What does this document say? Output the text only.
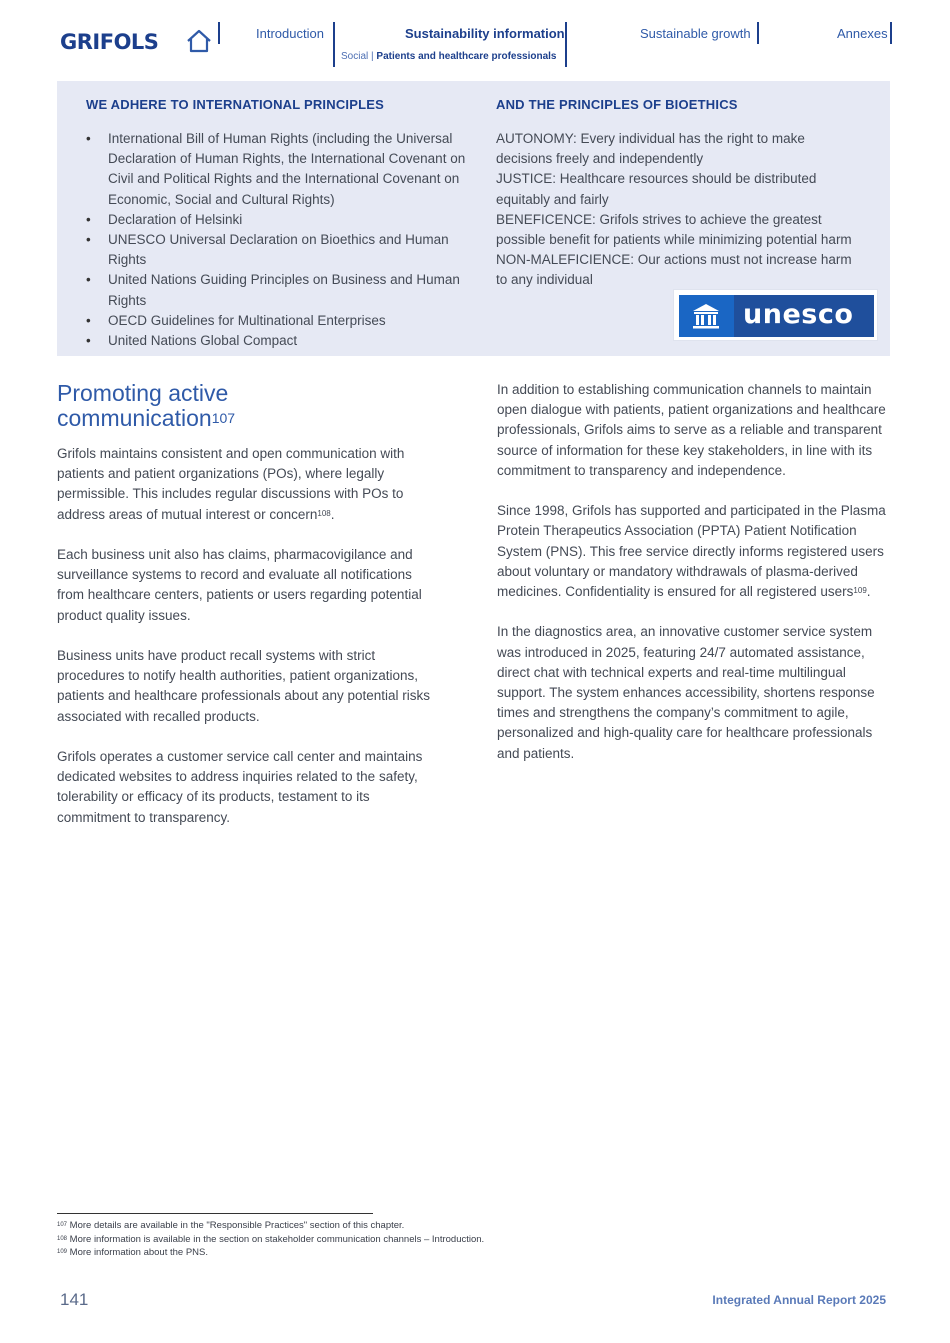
GRIFOLS	Introduction	Sustainability information
Social | Patients and healthcare professionals
Sustainable growth	Annexes
WE ADHERE TO INTERNATIONAL PRINCIPLES	AND THE PRINCIPLES OF BIOETHICS
• International Bill of Human Rights (including the Universal Declaration of Human Rights, the International Covenant on Civil and Political Rights and the International Covenant on Economic, Social and Cultural Rights)
• Declaration of Helsinki
• UNESCO Universal Declaration on Bioethics and Human Rights
• United Nations Guiding Principles on Business and Human Rights
• OECD Guidelines for Multinational Enterprises
• United Nations Global Compact
AUTONOMY: Every individual has the right to make decisions freely and independently
JUSTICE: Healthcare resources should be distributed equitably and fairly
BENEFICENCE: Grifols strives to achieve the greatest possible benefit for patients while minimizing potential harm
NON-MALEFICIENCE: Our actions must not increase harm to any individual
unesco
Promoting active
communication$^{107}$

Grifols maintains consistent and open communication with patients and patient organizations (POs), where legally permissible. This includes regular discussions with POs to address areas of mutual interest or concern$^{108}$.

Each business unit also has claims, pharmacovigilance and surveillance systems to record and evaluate all notifications from healthcare centers, patients or users regarding potential product quality issues.

Business units have product recall systems with strict procedures to notify health authorities, patient organizations, patients and healthcare professionals about any potential risks associated with recalled products.

Grifols operates a customer service call center and maintains dedicated websites to address inquiries related to the safety, tolerability or efficacy of its products, testament to its commitment to transparency.

In addition to establishing communication channels to maintain open dialogue with patients, patient organizations and healthcare professionals, Grifols aims to serve as a reliable and transparent source of information for these key stakeholders, in line with its commitment to transparency and independence.

Since 1998, Grifols has supported and participated in the Plasma Protein Therapeutics Association (PPTA) Patient Notification System (PNS). This free service directly informs registered users about voluntary or mandatory withdrawals of plasma-derived medicines. Confidentiality is ensured for all registered users$^{109}$.

In the diagnostics area, an innovative customer service system was introduced in 2025, featuring 24/7 automated assistance, direct chat with technical experts and real-time multilingual support. The system enhances accessibility, shortens response times and strengthens the company’s commitment to agile, personalized and high-quality care for healthcare professionals and patients.

$^{107}$ More details are available in the "Responsible Practices" section of this chapter.
$^{108}$ More information is available in the section on stakeholder communication channels – Introduction.
$^{109}$ More information about the PNS.
141	Integrated Annual Report 2025
